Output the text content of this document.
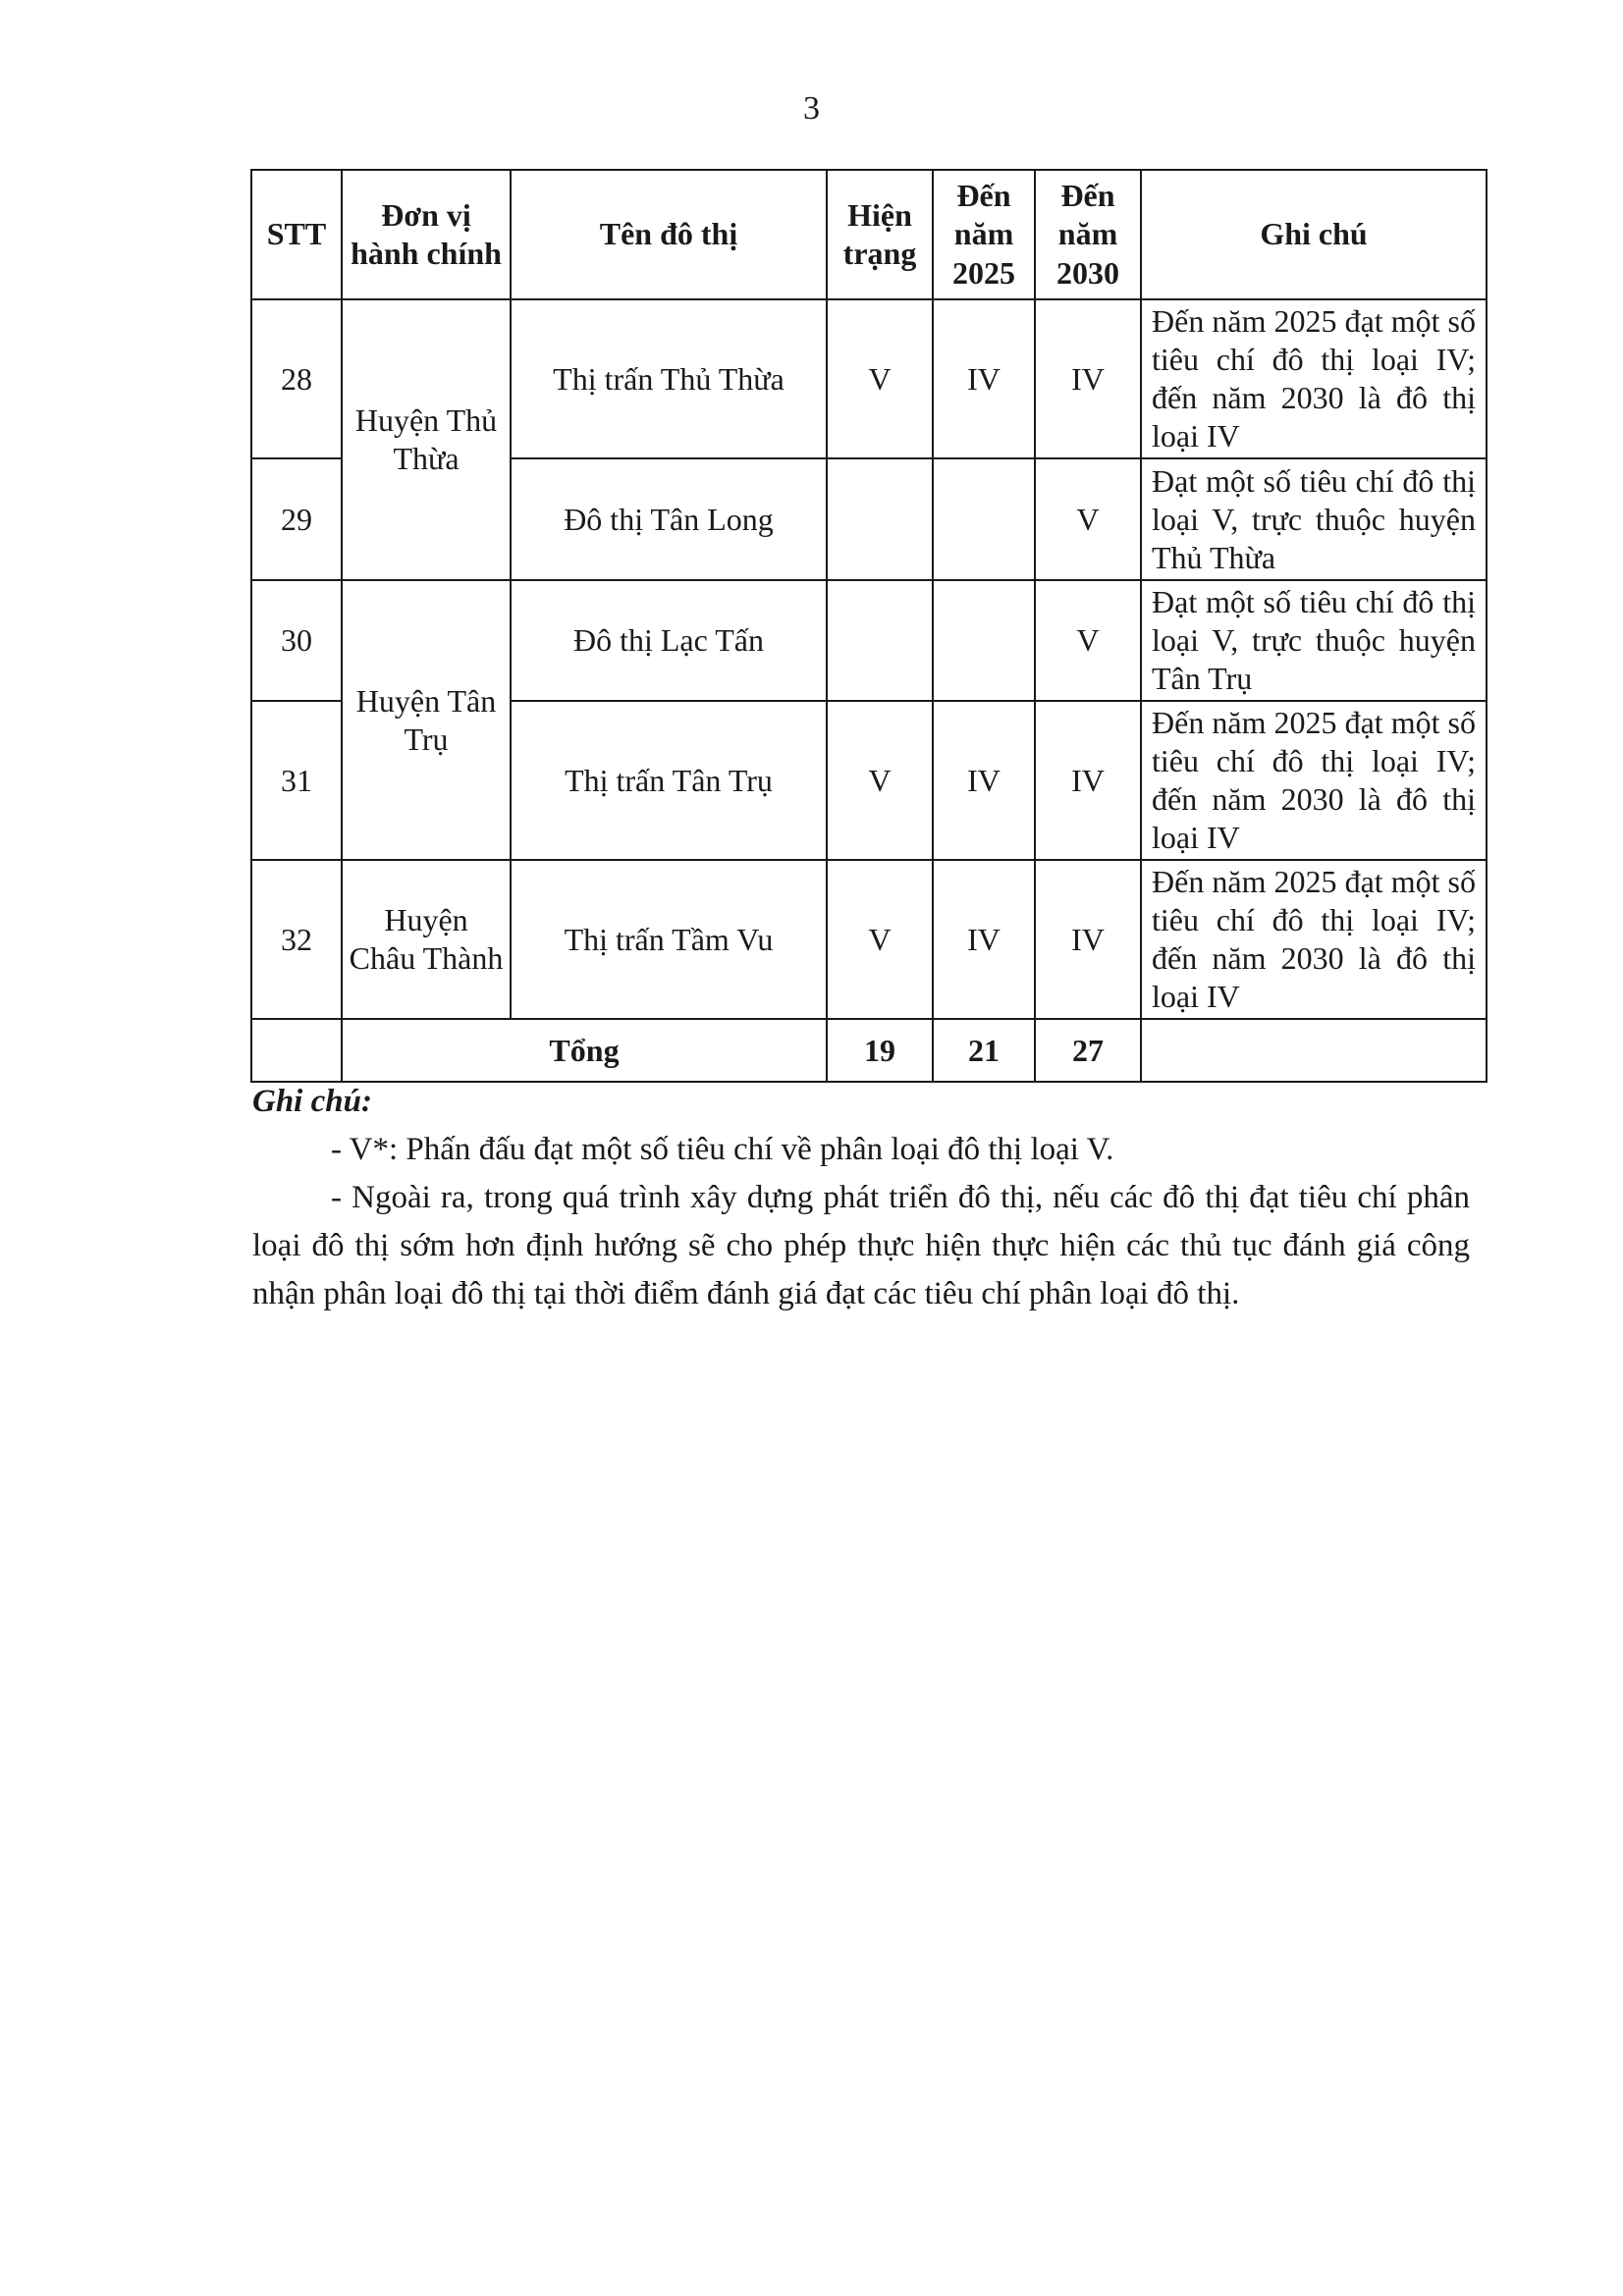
3
STT	Đơn vị hành chính	Tên đô thị	Hiện trạng	Đến năm 2025	Đến năm 2030	Ghi chú
28	Huyện Thủ Thừa	Thị trấn Thủ Thừa	V	IV	IV	Đến năm 2025 đạt một số tiêu chí đô thị loại IV; đến năm 2030 là đô thị loại IV
29		Đô thị Tân Long			V	Đạt một số tiêu chí đô thị loại V, trực thuộc huyện Thủ Thừa
30	Huyện Tân Trụ	Đô thị Lạc Tấn			V	Đạt một số tiêu chí đô thị loại V, trực thuộc huyện Tân Trụ
31		Thị trấn Tân Trụ	V	IV	IV	Đến năm 2025 đạt một số tiêu chí đô thị loại IV; đến năm 2030 là đô thị loại IV
32	Huyện Châu Thành	Thị trấn Tầm Vu	V	IV	IV	Đến năm 2025 đạt một số tiêu chí đô thị loại IV; đến năm 2030 là đô thị loại IV
	Tổng		19	21	27	
Ghi chú:

- V*: Phấn đấu đạt một số tiêu chí về phân loại đô thị loại V.

- Ngoài ra, trong quá trình xây dựng phát triển đô thị, nếu các đô thị đạt tiêu chí phân loại đô thị sớm hơn định hướng sẽ cho phép thực hiện thực hiện các thủ tục đánh giá công nhận phân loại đô thị tại thời điểm đánh giá đạt các tiêu chí phân loại đô thị.
